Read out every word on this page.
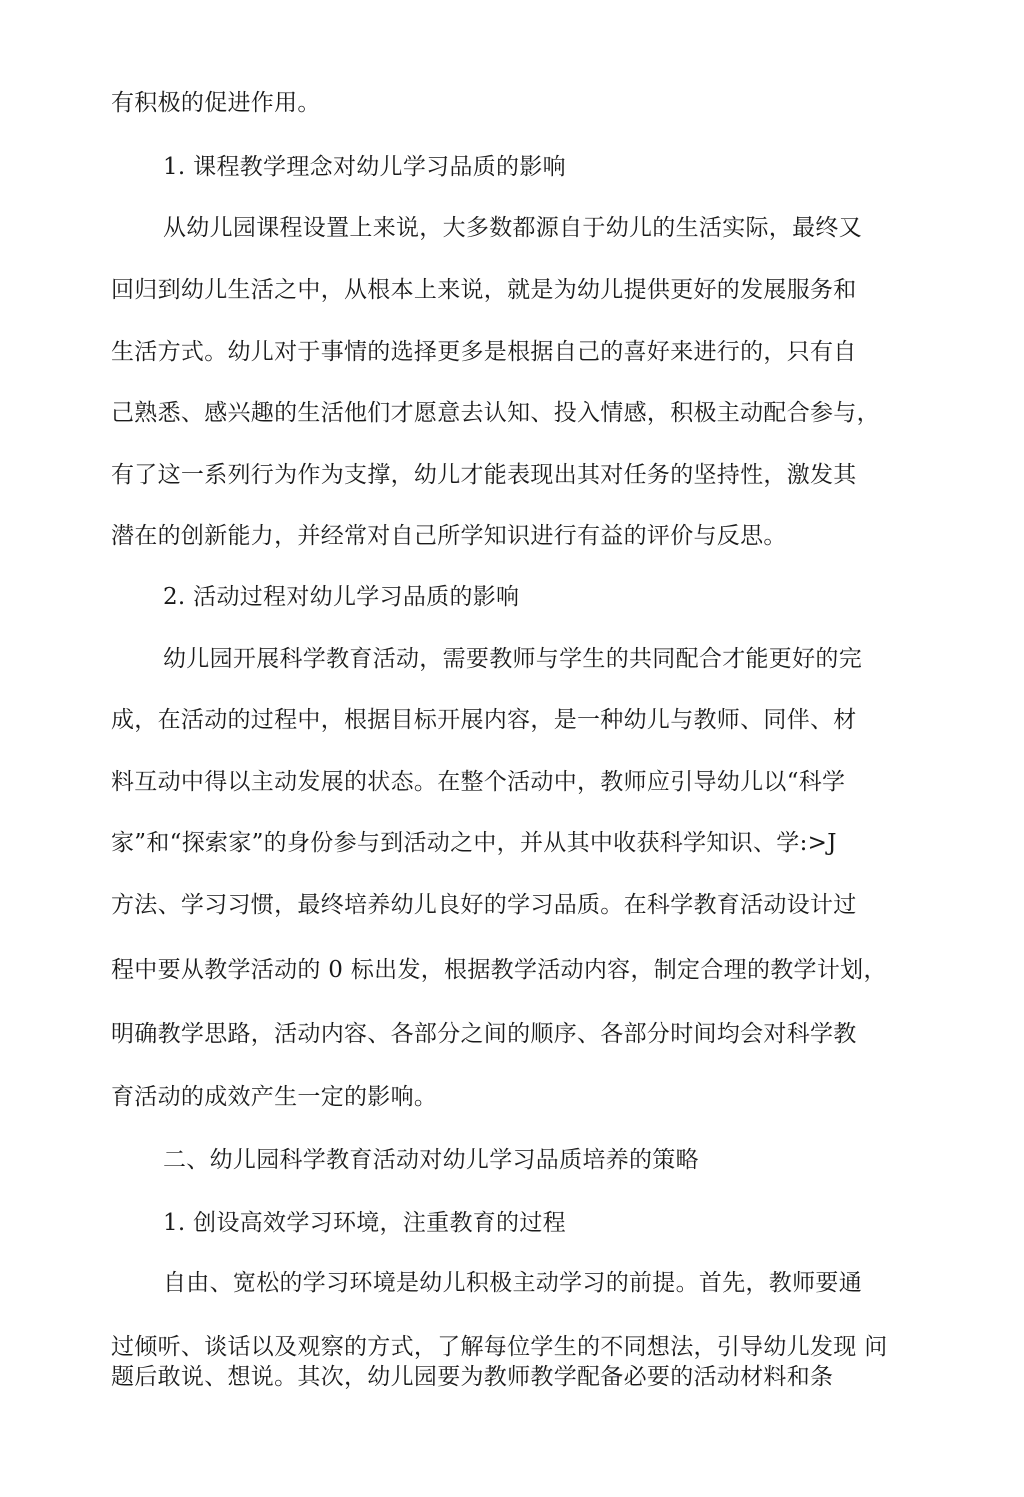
有积极的促进作用。
1. 课程教学理念对幼儿学习品质的影响
从幼儿园课程设置上来说，大多数都源自于幼儿的生活实际，最终又
回归到幼儿生活之中，从根本上来说，就是为幼儿提供更好的发展服务和
生活方式。幼儿对于事情的选择更多是根据自己的喜好来进行的，只有自
己熟悉、感兴趣的生活他们才愿意去认知、投入情感，积极主动配合参与，
有了这一系列行为作为支撑，幼儿才能表现出其对任务的坚持性，激发其
潜在的创新能力，并经常对自己所学知识进行有益的评价与反思。
2. 活动过程对幼儿学习品质的影响
幼儿园开展科学教育活动，需要教师与学生的共同配合才能更好的完
成，在活动的过程中，根据目标开展内容，是一种幼儿与教师、同伴、材
料互动中得以主动发展的状态。在整个活动中，教师应引导幼儿以“科学
家”和“探索家”的身份参与到活动之中，并从其中收获科学知识、学:>J
方法、学习习惯，最终培养幼儿良好的学习品质。在科学教育活动设计过
程中要从教学活动的 0 标出发，根据教学活动内容，制定合理的教学计划，
明确教学思路，活动内容、各部分之间的顺序、各部分时间均会对科学教
育活动的成效产生一定的影响。
二、幼儿园科学教育活动对幼儿学习品质培养的策略
1. 创设高效学习环境，注重教育的过程
自由、宽松的学习环境是幼儿积极主动学习的前提。首先，教师要通
过倾听、谈话以及观察的方式，了解每位学生的不同想法，引导幼儿发现 问
题后敢说、想说。其次，幼儿园要为教师教学配备必要的活动材料和条
